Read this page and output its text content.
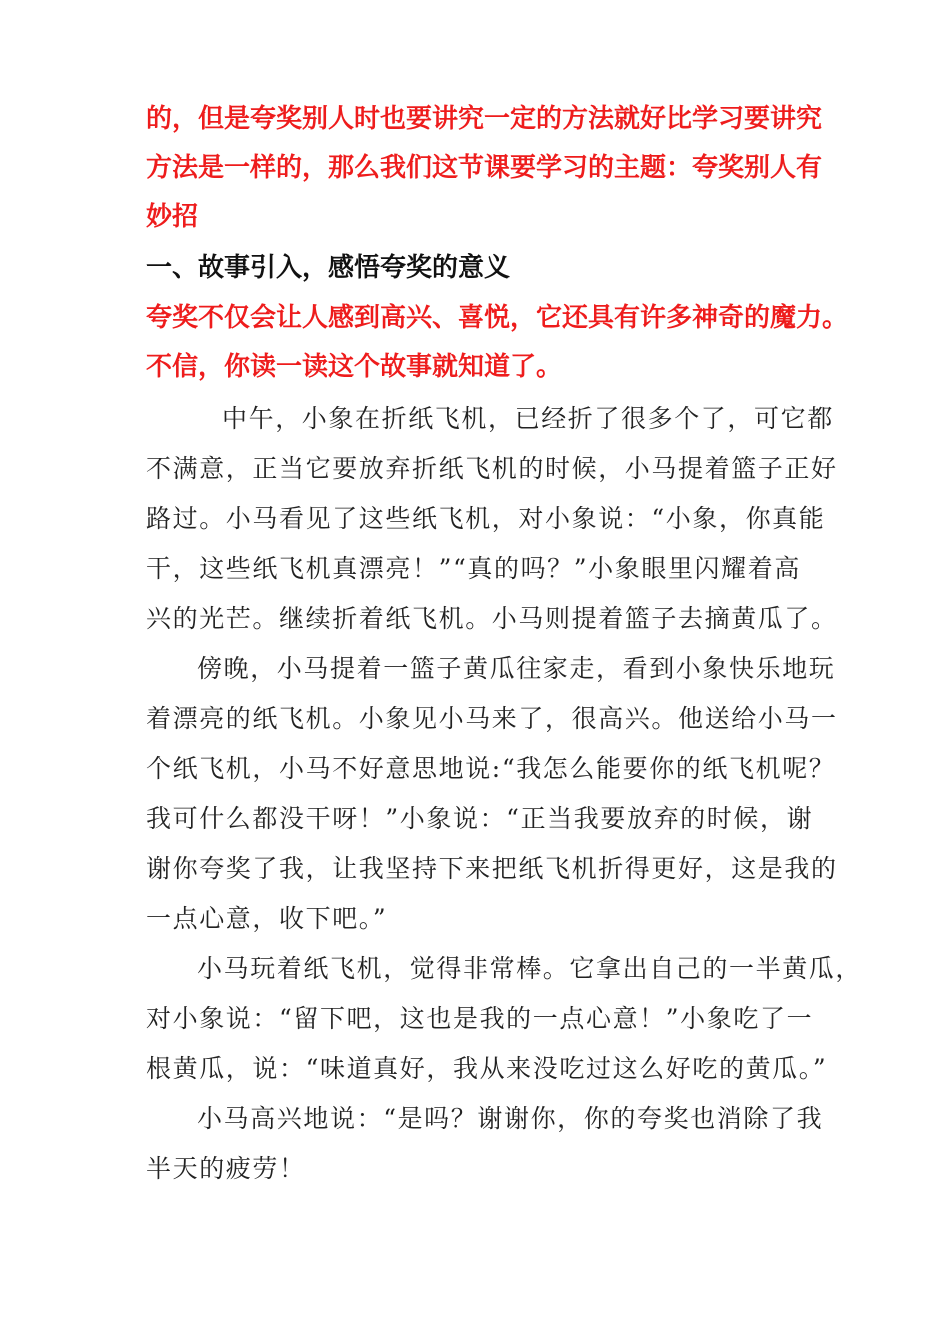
的，但是夸奖别人时也要讲究一定的方法就好比学习要讲究
方法是一样的，那么我们这节课要学习的主题：夸奖别人有
妙招
一、故事引入，感悟夸奖的意义
夸奖不仅会让人感到高兴、喜悦，它还具有许多神奇的魔力。
不信，你读一读这个故事就知道了。
中午，小象在折纸飞机，已经折了很多个了，可它都
不满意，正当它要放弃折纸飞机的时候，小马提着篮子正好
路过。小马看见了这些纸飞机，对小象说：“小象，你真能
干，这些纸飞机真漂亮！”“真的吗？”小象眼里闪耀着高
兴的光芒。继续折着纸飞机。小马则提着篮子去摘黄瓜了。
傍晚，小马提着一篮子黄瓜往家走，看到小象快乐地玩
着漂亮的纸飞机。小象见小马来了，很高兴。他送给小马一
个纸飞机，小马不好意思地说:“我怎么能要你的纸飞机呢？
我可什么都没干呀！”小象说：“正当我要放弃的时候，谢
谢你夸奖了我，让我坚持下来把纸飞机折得更好，这是我的
一点心意，收下吧。”
小马玩着纸飞机，觉得非常棒。它拿出自己的一半黄瓜，
对小象说：“留下吧，这也是我的一点心意！”小象吃了一
根黄瓜，说：“味道真好，我从来没吃过这么好吃的黄瓜。”
小马高兴地说：“是吗？谢谢你，你的夸奖也消除了我
半天的疲劳！
